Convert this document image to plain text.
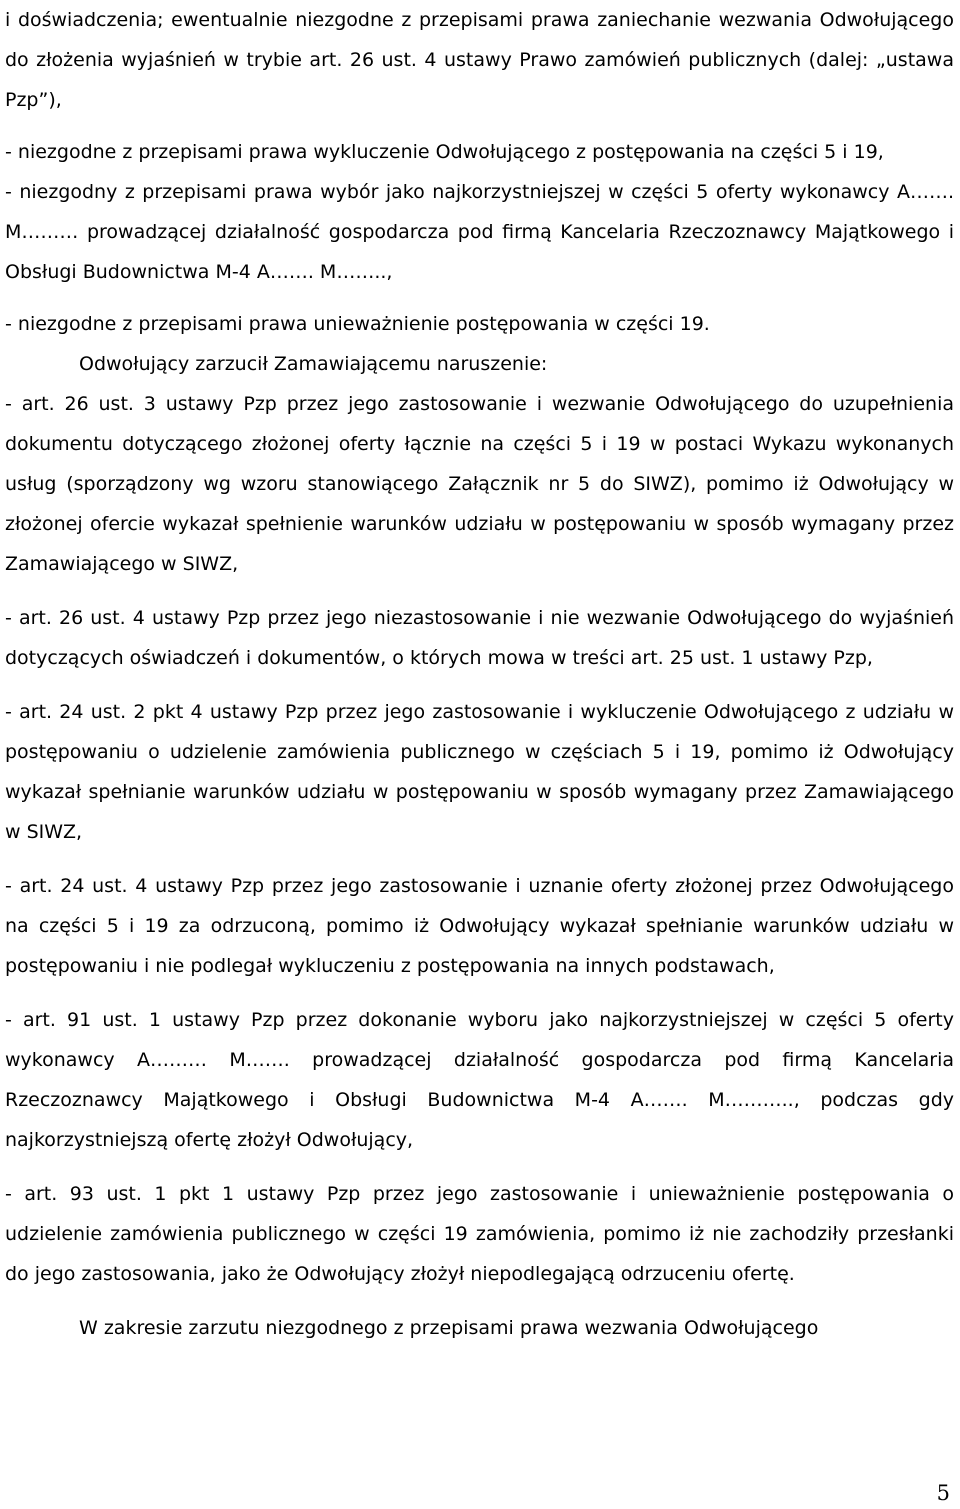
i doświadczenia; ewentualnie niezgodne z przepisami prawa zaniechanie wezwania Odwołującego do złożenia wyjaśnień w trybie art. 26 ust. 4 ustawy Prawo zamówień publicznych (dalej: „ustawa Pzp”),

- niezgodne z przepisami prawa wykluczenie Odwołującego z postępowania na części 5 i 19,

- niezgodny z przepisami prawa wybór jako najkorzystniejszej w części 5 oferty wykonawcy A……. M……… prowadzącej działalność gospodarcza pod firmą Kancelaria Rzeczoznawcy Majątkowego i Obsługi Budownictwa M-4 A……. M……..,

- niezgodne z przepisami prawa unieważnienie postępowania w części 19.

Odwołujący zarzucił Zamawiającemu naruszenie:

- art. 26 ust. 3 ustawy Pzp przez jego zastosowanie i wezwanie Odwołującego do uzupełnienia dokumentu dotyczącego złożonej oferty łącznie na części 5 i 19 w postaci Wykazu wykonanych usług (sporządzony wg wzoru stanowiącego Załącznik nr 5 do SIWZ), pomimo iż Odwołujący w złożonej ofercie wykazał spełnienie warunków udziału w postępowaniu w sposób wymagany przez Zamawiającego w SIWZ,

- art. 26 ust. 4 ustawy Pzp przez jego niezastosowanie i nie wezwanie Odwołującego do wyjaśnień dotyczących oświadczeń i dokumentów, o których mowa w treści art. 25 ust. 1 ustawy Pzp,

- art. 24 ust. 2 pkt 4 ustawy Pzp przez jego zastosowanie i wykluczenie Odwołującego z udziału w postępowaniu o udzielenie zamówienia publicznego w częściach 5 i 19, pomimo iż Odwołujący wykazał spełnianie warunków udziału w postępowaniu w sposób wymagany przez Zamawiającego w SIWZ,

- art. 24 ust. 4 ustawy Pzp przez jego zastosowanie i uznanie oferty złożonej przez Odwołującego na części 5 i 19 za odrzuconą, pomimo iż Odwołujący wykazał spełnianie warunków udziału w postępowaniu i nie podlegał wykluczeniu z postępowania na innych podstawach,

- art. 91 ust. 1 ustawy Pzp przez dokonanie wyboru jako najkorzystniejszej w części 5 oferty wykonawcy A……… M……. prowadzącej działalność gospodarcza pod firmą Kancelaria Rzeczoznawcy Majątkowego i Obsługi Budownictwa M-4 A……. M……….., podczas gdy najkorzystniejszą ofertę złożył Odwołujący,

- art. 93 ust. 1 pkt 1 ustawy Pzp przez jego zastosowanie i unieważnienie postępowania o udzielenie zamówienia publicznego w części 19 zamówienia, pomimo iż nie zachodziły przesłanki do jego zastosowania, jako że Odwołujący złożył niepodlegającą odrzuceniu ofertę.

W zakresie zarzutu niezgodnego z przepisami prawa wezwania Odwołującego

5
